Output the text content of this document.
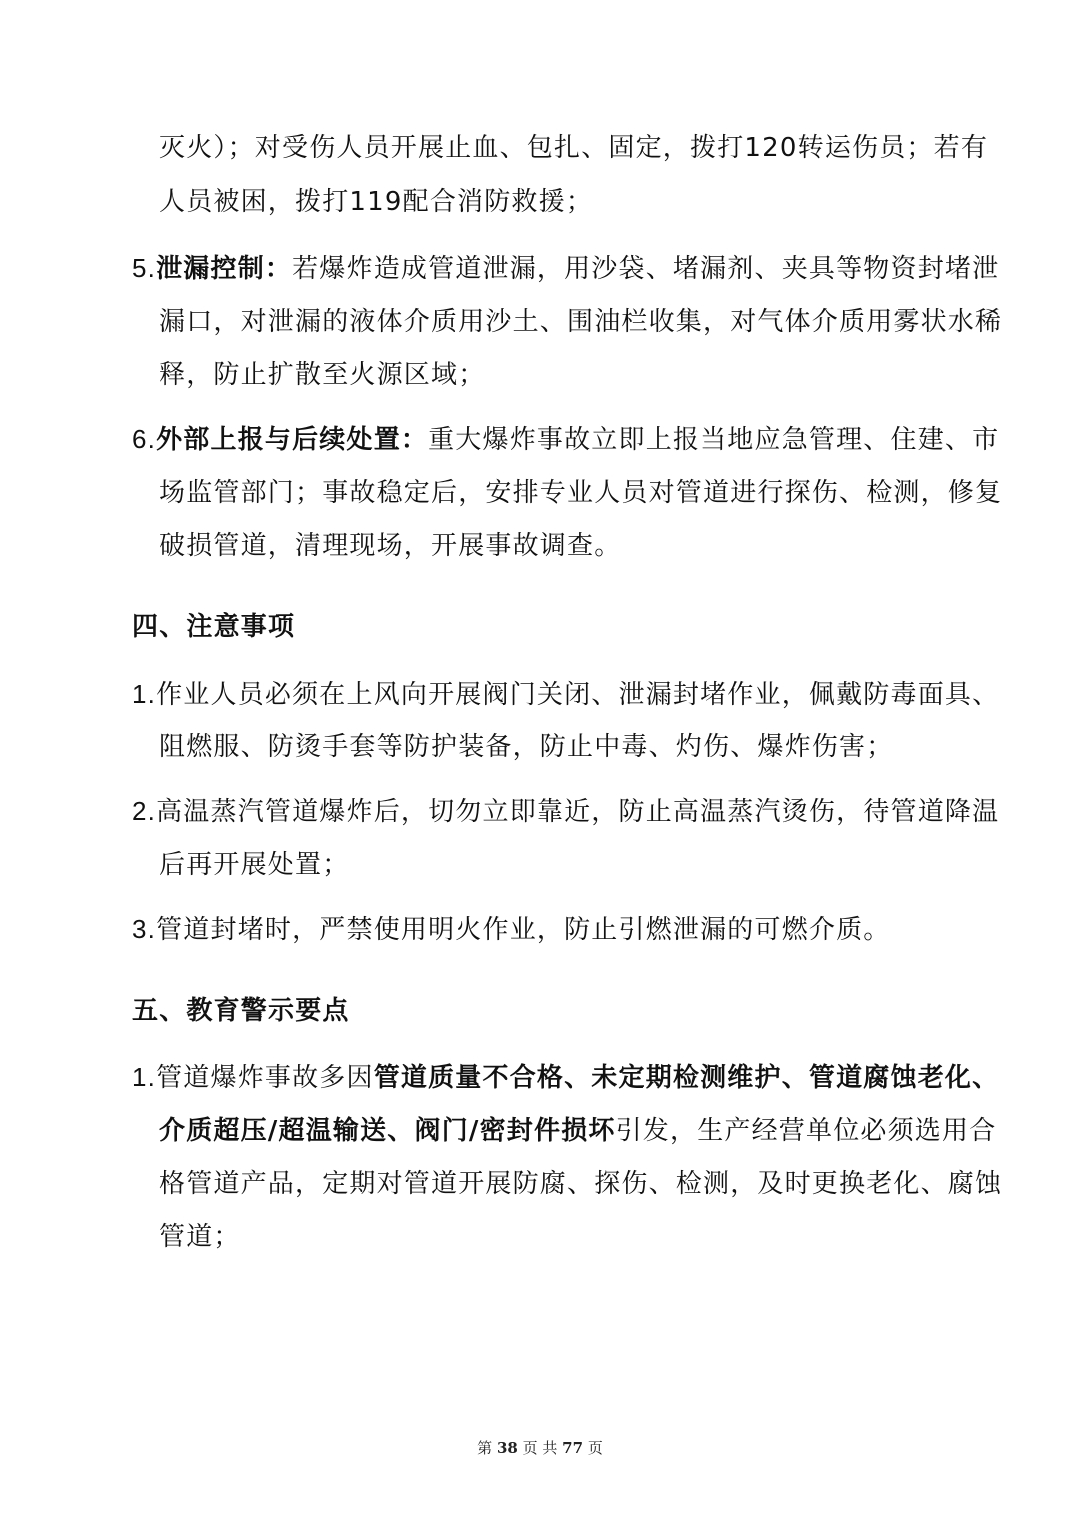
灭火）；对受伤人员开展止血、包扎、固定，拨打120转运伤员；若有
人员被困，拨打119配合消防救援；
5.泄漏控制：若爆炸造成管道泄漏，用沙袋、堵漏剂、夹具等物资封堵泄
漏口，对泄漏的液体介质用沙土、围油栏收集，对气体介质用雾状水稀
释，防止扩散至火源区域；
6.外部上报与后续处置：重大爆炸事故立即上报当地应急管理、住建、市
场监管部门；事故稳定后，安排专业人员对管道进行探伤、检测，修复
破损管道，清理现场，开展事故调查。
四、注意事项
1.作业人员必须在上风向开展阀门关闭、泄漏封堵作业，佩戴防毒面具、
阻燃服、防烫手套等防护装备，防止中毒、灼伤、爆炸伤害；
2.高温蒸汽管道爆炸后，切勿立即靠近，防止高温蒸汽烫伤，待管道降温
后再开展处置；
3.管道封堵时，严禁使用明火作业，防止引燃泄漏的可燃介质。
五、教育警示要点
1.管道爆炸事故多因管道质量不合格、未定期检测维护、管道腐蚀老化、
介质超压/超温输送、阀门/密封件损坏引发，生产经营单位必须选用合
格管道产品，定期对管道开展防腐、探伤、检测，及时更换老化、腐蚀
管道；
第 38 页 共 77 页
